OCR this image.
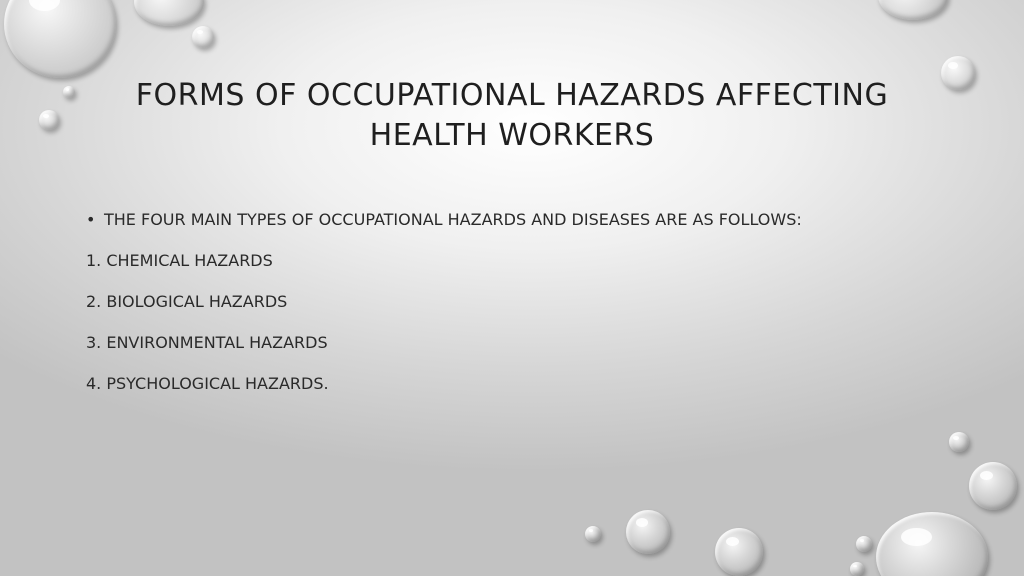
FORMS OF OCCUPATIONAL HAZARDS AFFECTING
HEALTH WORKERS
• THE FOUR MAIN TYPES OF OCCUPATIONAL HAZARDS AND DISEASES ARE AS FOLLOWS:
1. CHEMICAL HAZARDS
2. BIOLOGICAL HAZARDS
3. ENVIRONMENTAL HAZARDS
4. PSYCHOLOGICAL HAZARDS.
